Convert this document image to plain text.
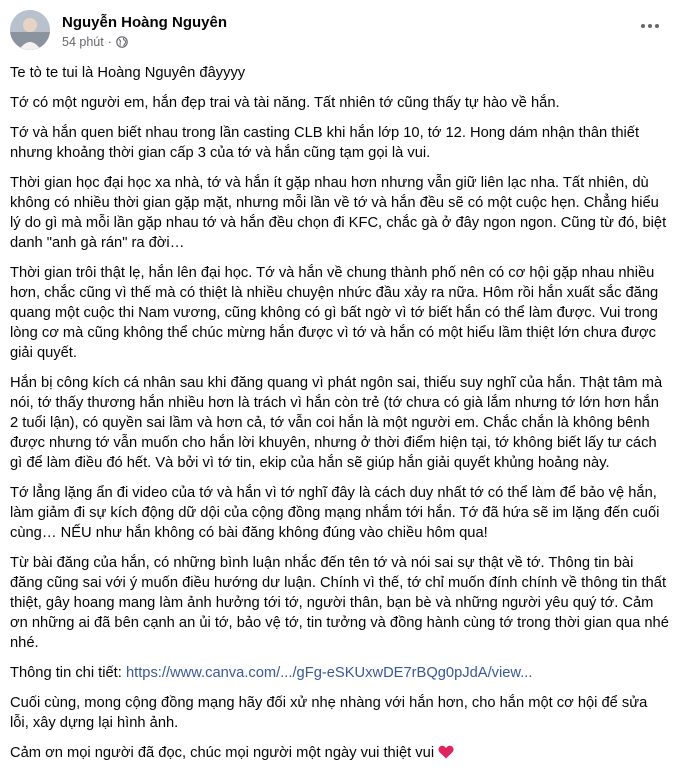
Nguyễn Hoàng Nguyên
54 phút ·

Te tò te tui là Hoàng Nguyên đâyyyy

Tớ có một người em, hắn đẹp trai và tài năng. Tất nhiên tớ cũng thấy tự hào về hắn.

Tớ và hắn quen biết nhau trong lần casting CLB khi hắn lớp 10, tớ 12. Hong dám nhận thân thiết nhưng khoảng thời gian cấp 3 của tớ và hắn cũng tạm gọi là vui.

Thời gian học đại học xa nhà, tớ và hắn ít gặp nhau hơn nhưng vẫn giữ liên lạc nha. Tất nhiên, dù không có nhiều thời gian gặp mặt, nhưng mỗi lần về tớ và hắn đều sẽ có một cuộc hẹn. Chẳng hiểu lý do gì mà mỗi lần gặp nhau tớ và hắn đều chọn đi KFC, chắc gà ở đây ngon ngon. Cũng từ đó, biệt danh "anh gà rán" ra đời…

Thời gian trôi thật lẹ, hắn lên đại học. Tớ và hắn về chung thành phố nên có cơ hội gặp nhau nhiều hơn, chắc cũng vì thế mà có thiệt là nhiều chuyện nhức đầu xảy ra nữa. Hôm rồi hắn xuất sắc đăng quang một cuộc thi Nam vương, cũng không có gì bất ngờ vì tớ biết hắn có thể làm được. Vui trong lòng cơ mà cũng không thể chúc mừng hắn được vì tớ và hắn có một hiểu lầm thiệt lớn chưa được giải quyết.

Hắn bị công kích cá nhân sau khi đăng quang vì phát ngôn sai, thiếu suy nghĩ của hắn. Thật tâm mà nói, tớ thấy thương hắn nhiều hơn là trách vì hắn còn trẻ (tớ chưa có già lắm nhưng tớ lớn hơn hắn 2 tuổi lận), có quyền sai lầm và hơn cả, tớ vẫn coi hắn là một người em. Chắc chắn là không bênh được nhưng tớ vẫn muốn cho hắn lời khuyên, nhưng ở thời điểm hiện tại, tớ không biết lấy tư cách gì để làm điều đó hết. Và bởi vì tớ tin, ekip của hắn sẽ giúp hắn giải quyết khủng hoảng này.

Tớ lẳng lặng ẩn đi video của tớ và hắn vì tớ nghĩ đây là cách duy nhất tớ có thể làm để bảo vệ hắn, làm giảm đi sự kích động dữ dội của cộng đồng mạng nhắm tới hắn. Tớ đã hứa sẽ im lặng đến cuối cùng… NẾU như hắn không có bài đăng không đúng vào chiều hôm qua!

Từ bài đăng của hắn, có những bình luận nhắc đến tên tớ và nói sai sự thật về tớ. Thông tin bài đăng cũng sai với ý muốn điều hướng dư luận. Chính vì thế, tớ chỉ muốn đính chính về thông tin thất thiệt, gây hoang mang làm ảnh hưởng tới tớ, người thân, bạn bè và những người yêu quý tớ. Cảm ơn những ai đã bên cạnh an ủi tớ, bảo vệ tớ, tin tưởng và đồng hành cùng tớ trong thời gian qua nhé nhé.

Thông tin chi tiết: https://www.canva.com/.../gFg-eSKUxwDE7rBQg0pJdA/view...

Cuối cùng, mong cộng đồng mạng hãy đối xử nhẹ nhàng với hắn hơn, cho hắn một cơ hội để sửa lỗi, xây dựng lại hình ảnh.

Cảm ơn mọi người đã đọc, chúc mọi người một ngày vui thiệt vui
